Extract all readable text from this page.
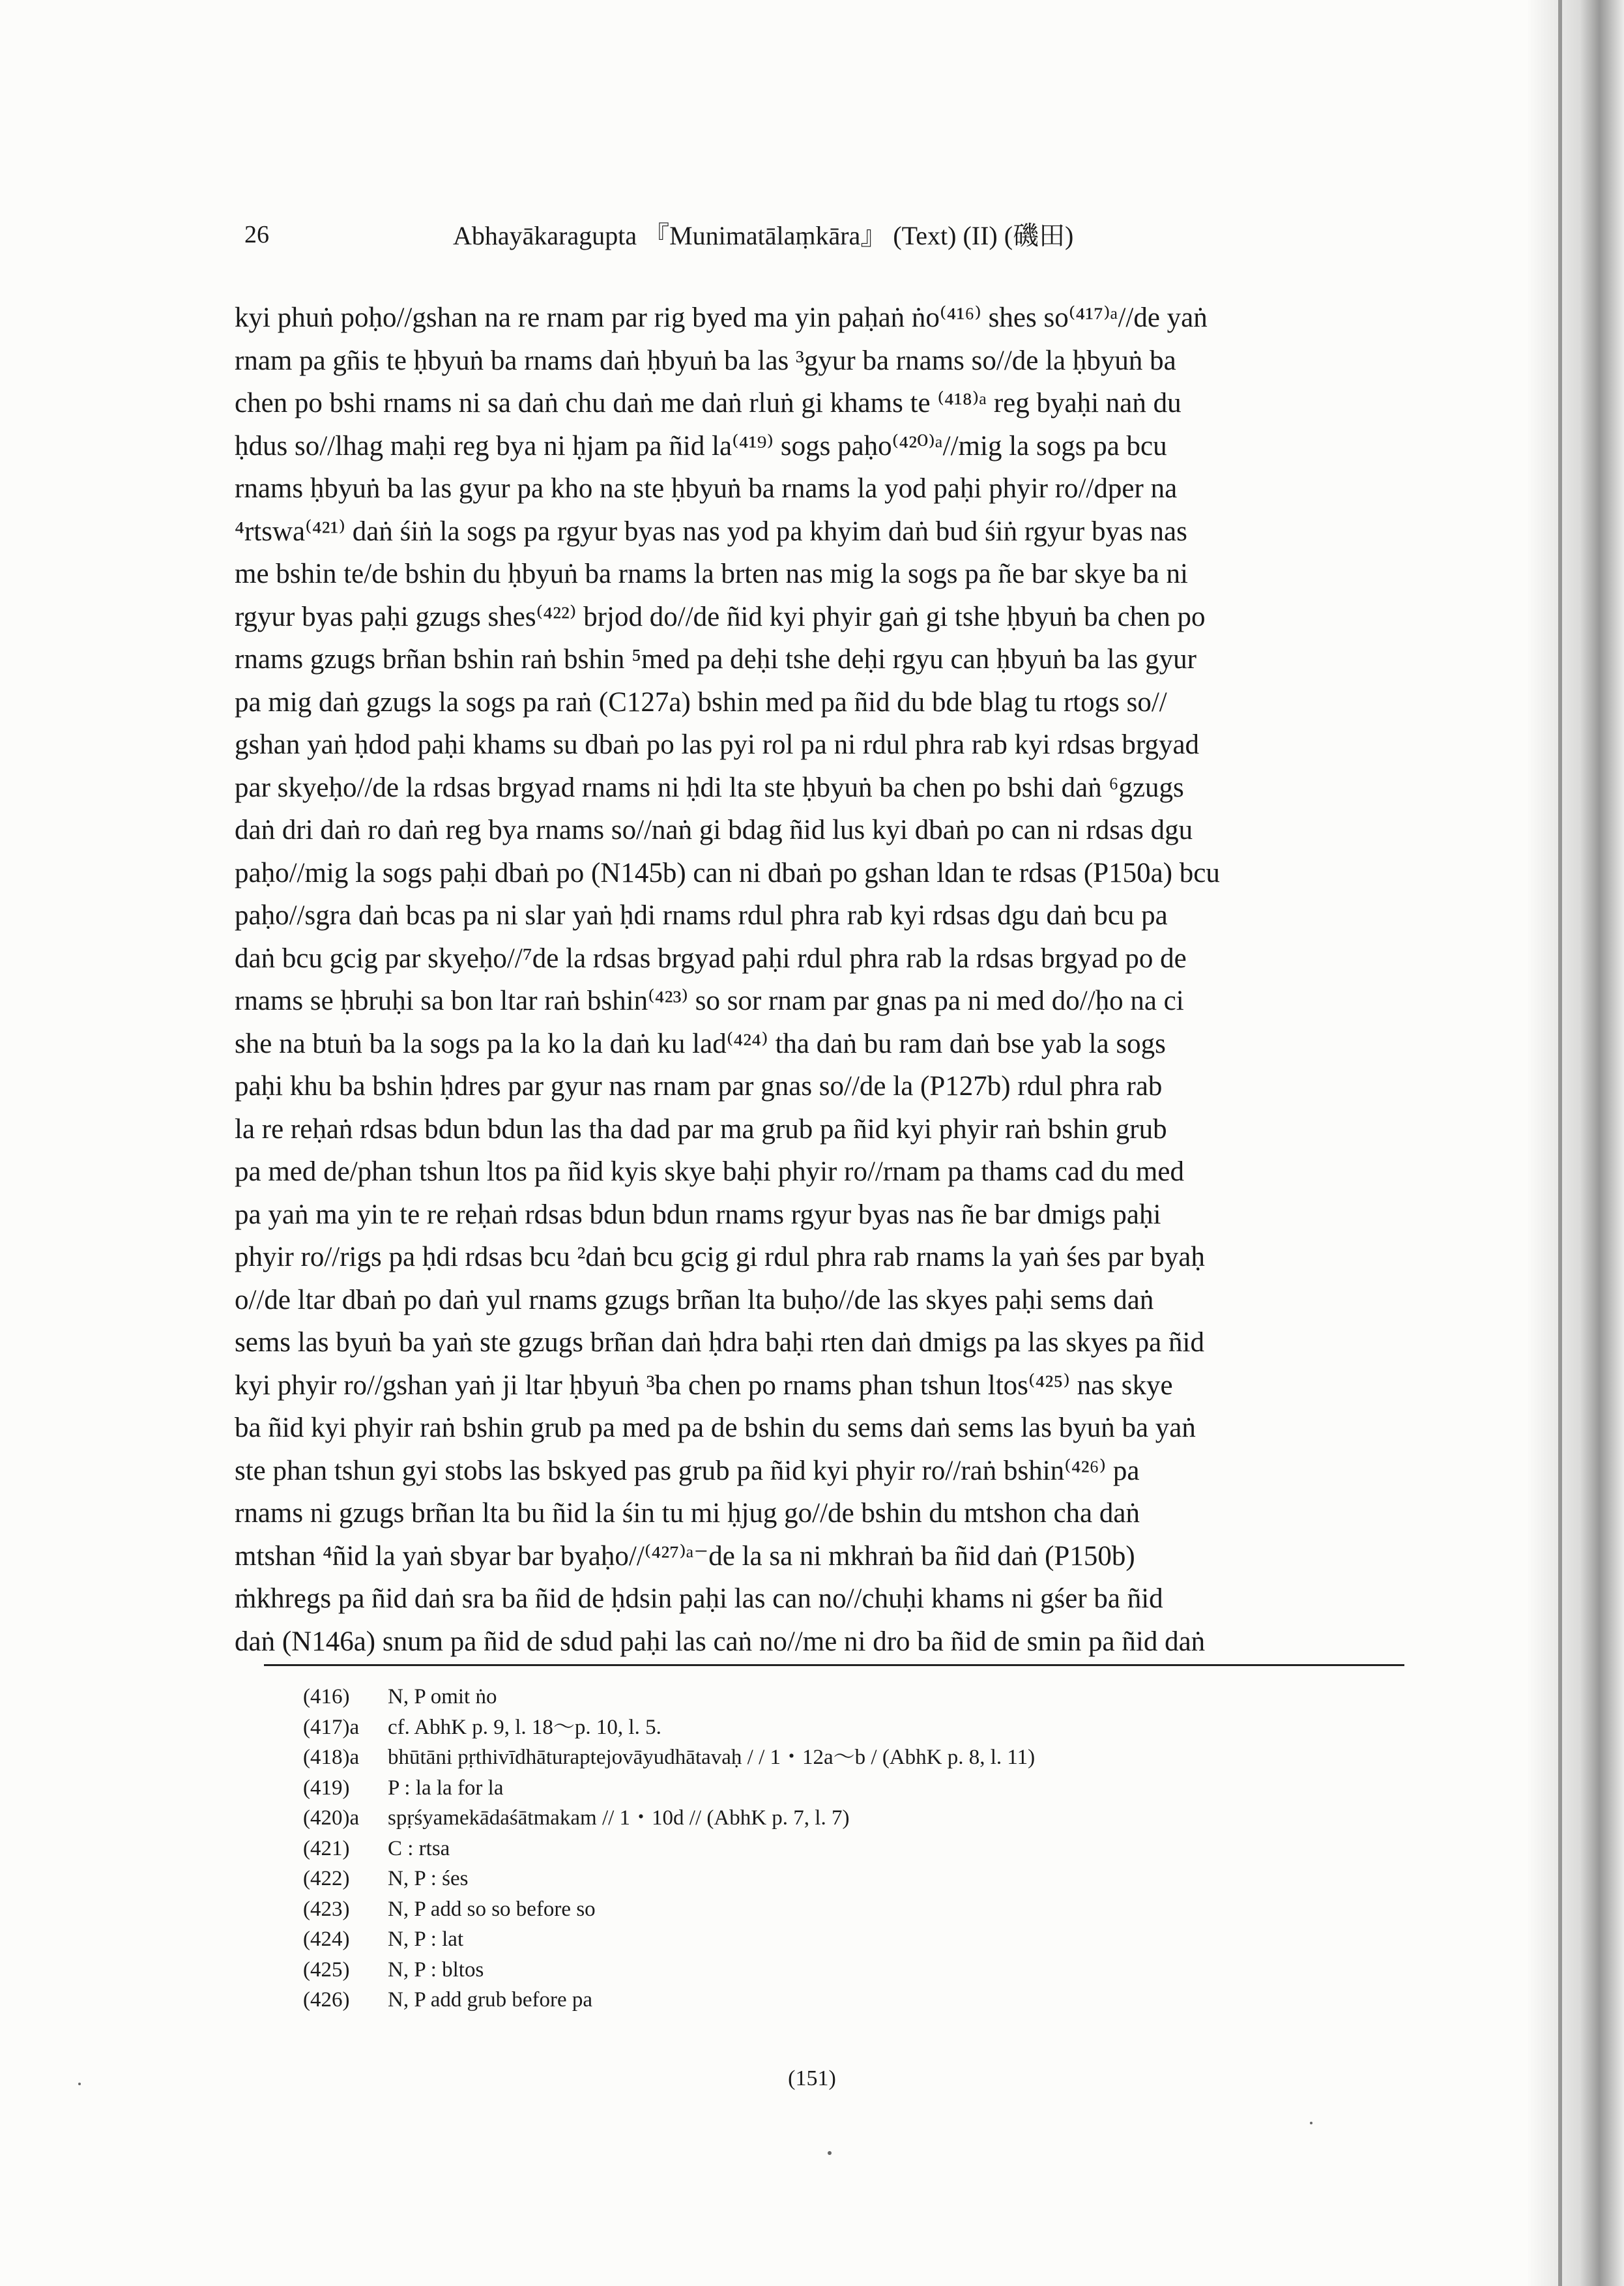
26	Abhayākaragupta 『Munimatālaṃkāra』 (Text) (II) (磯田)
kyi phuṅ poḥo//gshan na re rnam par rig byed ma yin paḥaṅ ṅo⁽⁴¹⁶⁾ shes so⁽⁴¹⁷⁾ᵃ//de yaṅ
rnam pa gñis te ḥbyuṅ ba rnams daṅ ḥbyuṅ ba las ³gyur ba rnams so//de la ḥbyuṅ ba
chen po bshi rnams ni sa daṅ chu daṅ me daṅ rluṅ gi khams te ⁽⁴¹⁸⁾ᵃ reg byaḥi naṅ du
ḥdus so//lhag maḥi reg bya ni ḥjam pa ñid la⁽⁴¹⁹⁾ sogs paḥo⁽⁴²⁰⁾ᵃ//mig la sogs pa bcu
rnams ḥbyuṅ ba las gyur pa kho na ste ḥbyuṅ ba rnams la yod paḥi phyir ro//dper na
⁴rtswa⁽⁴²¹⁾ daṅ śiṅ la sogs pa rgyur byas nas yod pa khyim daṅ bud śiṅ rgyur byas nas
me bshin te/de bshin du ḥbyuṅ ba rnams la brten nas mig la sogs pa ñe bar skye ba ni
rgyur byas paḥi gzugs shes⁽⁴²²⁾ brjod do//de ñid kyi phyir gaṅ gi tshe ḥbyuṅ ba chen po
rnams gzugs brñan bshin raṅ bshin ⁵med pa deḥi tshe deḥi rgyu can ḥbyuṅ ba las gyur
pa mig daṅ gzugs la sogs pa raṅ (C127a) bshin med pa ñid du bde blag tu rtogs so//
gshan yaṅ ḥdod paḥi khams su dbaṅ po las pyi rol pa ni rdul phra rab kyi rdsas brgyad
par skyeḥo//de la rdsas brgyad rnams ni ḥdi lta ste ḥbyuṅ ba chen po bshi daṅ ⁶gzugs
daṅ dri daṅ ro daṅ reg bya rnams so//naṅ gi bdag ñid lus kyi dbaṅ po can ni rdsas dgu
paḥo//mig la sogs paḥi dbaṅ po (N145b) can ni dbaṅ po gshan ldan te rdsas (P150a) bcu
paḥo//sgra daṅ bcas pa ni slar yaṅ ḥdi rnams rdul phra rab kyi rdsas dgu daṅ bcu pa
daṅ bcu gcig par skyeḥo//⁷de la rdsas brgyad paḥi rdul phra rab la rdsas brgyad po de
rnams se ḥbruḥi sa bon ltar raṅ bshin⁽⁴²³⁾ so sor rnam par gnas pa ni med do//ḥo na ci
she na btuṅ ba la sogs pa la ko la daṅ ku lad⁽⁴²⁴⁾ tha daṅ bu ram daṅ bse yab la sogs
paḥi khu ba bshin ḥdres par gyur nas rnam par gnas so//de la (P127b) rdul phra rab
la re reḥaṅ rdsas bdun bdun las tha dad par ma grub pa ñid kyi phyir raṅ bshin grub
pa med de/phan tshun ltos pa ñid kyis skye baḥi phyir ro//rnam pa thams cad du med
pa yaṅ ma yin te re reḥaṅ rdsas bdun bdun rnams rgyur byas nas ñe bar dmigs paḥi
phyir ro//rigs pa ḥdi rdsas bcu ²daṅ bcu gcig gi rdul phra rab rnams la yaṅ śes par byaḥ
o//de ltar dbaṅ po daṅ yul rnams gzugs brñan lta buḥo//de las skyes paḥi sems daṅ
sems las byuṅ ba yaṅ ste gzugs brñan daṅ ḥdra baḥi rten daṅ dmigs pa las skyes pa ñid
kyi phyir ro//gshan yaṅ ji ltar ḥbyuṅ ³ba chen po rnams phan tshun ltos⁽⁴²⁵⁾ nas skye
ba ñid kyi phyir raṅ bshin grub pa med pa de bshin du sems daṅ sems las byuṅ ba yaṅ
ste phan tshun gyi stobs las bskyed pas grub pa ñid kyi phyir ro//raṅ bshin⁽⁴²⁶⁾ pa
rnams ni gzugs brñan lta bu ñid la śin tu mi ḥjug go//de bshin du mtshon cha daṅ
mtshan ⁴ñid la yaṅ sbyar bar byaḥo//⁽⁴²⁷⁾ᵃ⁻de la sa ni mkhraṅ ba ñid daṅ (P150b)
ṁkhregs pa ñid daṅ sra ba ñid de ḥdsin paḥi las can no//chuḥi khams ni gśer ba ñid
daṅ (N146a) snum pa ñid de sdud paḥi las caṅ no//me ni dro ba ñid de smin pa ñid daṅ
(416)	N, P omit ṅo
(417)a	cf. AbhK p. 9, l. 18～p. 10, l. 5.
(418)a	bhūtāni pṛthivīdhāturaptejovāyudhātavaḥ / / 1・12a～b / (AbhK p. 8, l. 11)
(419)	P : la la for la
(420)a	spṛśyamekādaśātmakam // 1・10d // (AbhK p. 7, l. 7)
(421)	C : rtsa
(422)	N, P : śes
(423)	N, P add so so before so
(424)	N, P : lat
(425)	N, P : bltos
(426)	N, P add grub before pa
(151)
